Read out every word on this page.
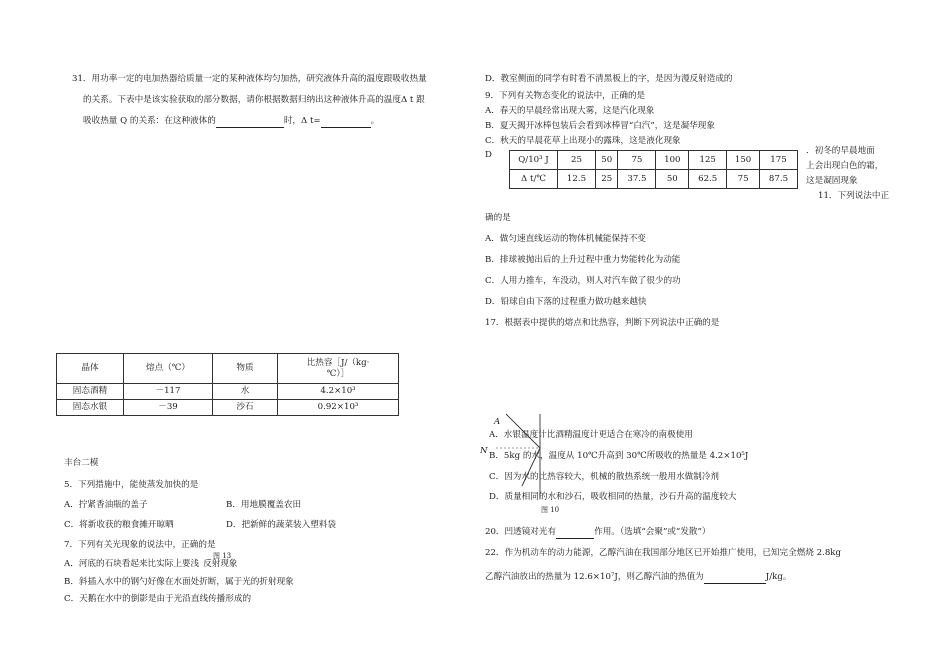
31．用功率一定的电加热器给质量一定的某种液体均匀加热，研究液体升高的温度跟吸收热量
的关系。下表中是该实验获取的部分数据，请你根据数据归纳出这种液体升高的温度Δ t 跟
吸收热量 Q 的关系：在这种液体的	时，Δ t=	。
晶体	熔点（℃）	物质	比热容［J/（kg·
℃）］
固态酒精	－117	水	4.2×10³
固态水银	－39	沙石	0.92×10³
丰台二模
5．下列措施中，能使蒸发加快的是
A．拧紧香油瓶的盖子	B．用地膜覆盖农田
C．将新收获的粮食摊开晾晒	D．把新鲜的蔬菜装入塑料袋
7．下列有关光现象的说法中，正确的是
图 13
A．河底的石块看起来比实际上要浅 反射现象
B．斜插入水中的钢勺好像在水面处折断，属于光的折射现象
C．天鹅在水中的倒影是由于光沿直线传播形成的
D．教室侧面的同学有时看不清黑板上的字，是因为漫反射造成的
9．下列有关物态变化的说法中，正确的是
A．春天的早晨经常出现大雾，这是汽化现象
B．夏天揭开冰棒包装后会看到冰棒冒“白汽”，这是凝华现象
C．秋天的早晨花草上出现小的露珠，这是液化现象
D	Q/10³ J	25	50	75	100	125	150	175
Δ t/℃	12.5	25	37.5	50	62.5	75	87.5
．初冬的早晨地面
上会出现白色的霜，
这是凝固现象
11．下列说法中正
确的是
A．做匀速直线运动的物体机械能保持不变
B．排球被抛出后的上升过程中重力势能转化为动能
C．人用力推车，车没动，则人对汽车做了很少的功
D．铅球自由下落的过程重力做功越来越快
17．根据表中提供的熔点和比热容，判断下列说法中正确的是
A
N
A．水银温度计比酒精温度计更适合在寒冷的南极使用
B．5kg 的水，温度从 10℃升高到 30℃所吸收的热量是 4.2×10⁵J
C．因为水的比热容较大，机械的散热系统一般用水做制冷剂
D．质量相同的水和沙石，吸收相同的热量，沙石升高的温度较大
图 10
20．凹透镜对光有	作用。（选填“会聚”或“发散”）
22．作为机动车的动力能源，乙醇汽油在我国部分地区已开始推广使用，已知完全燃烧 2.8kg
乙醇汽油放出的热量为 12.6×10⁷J，则乙醇汽油的热值为	J/kg。
